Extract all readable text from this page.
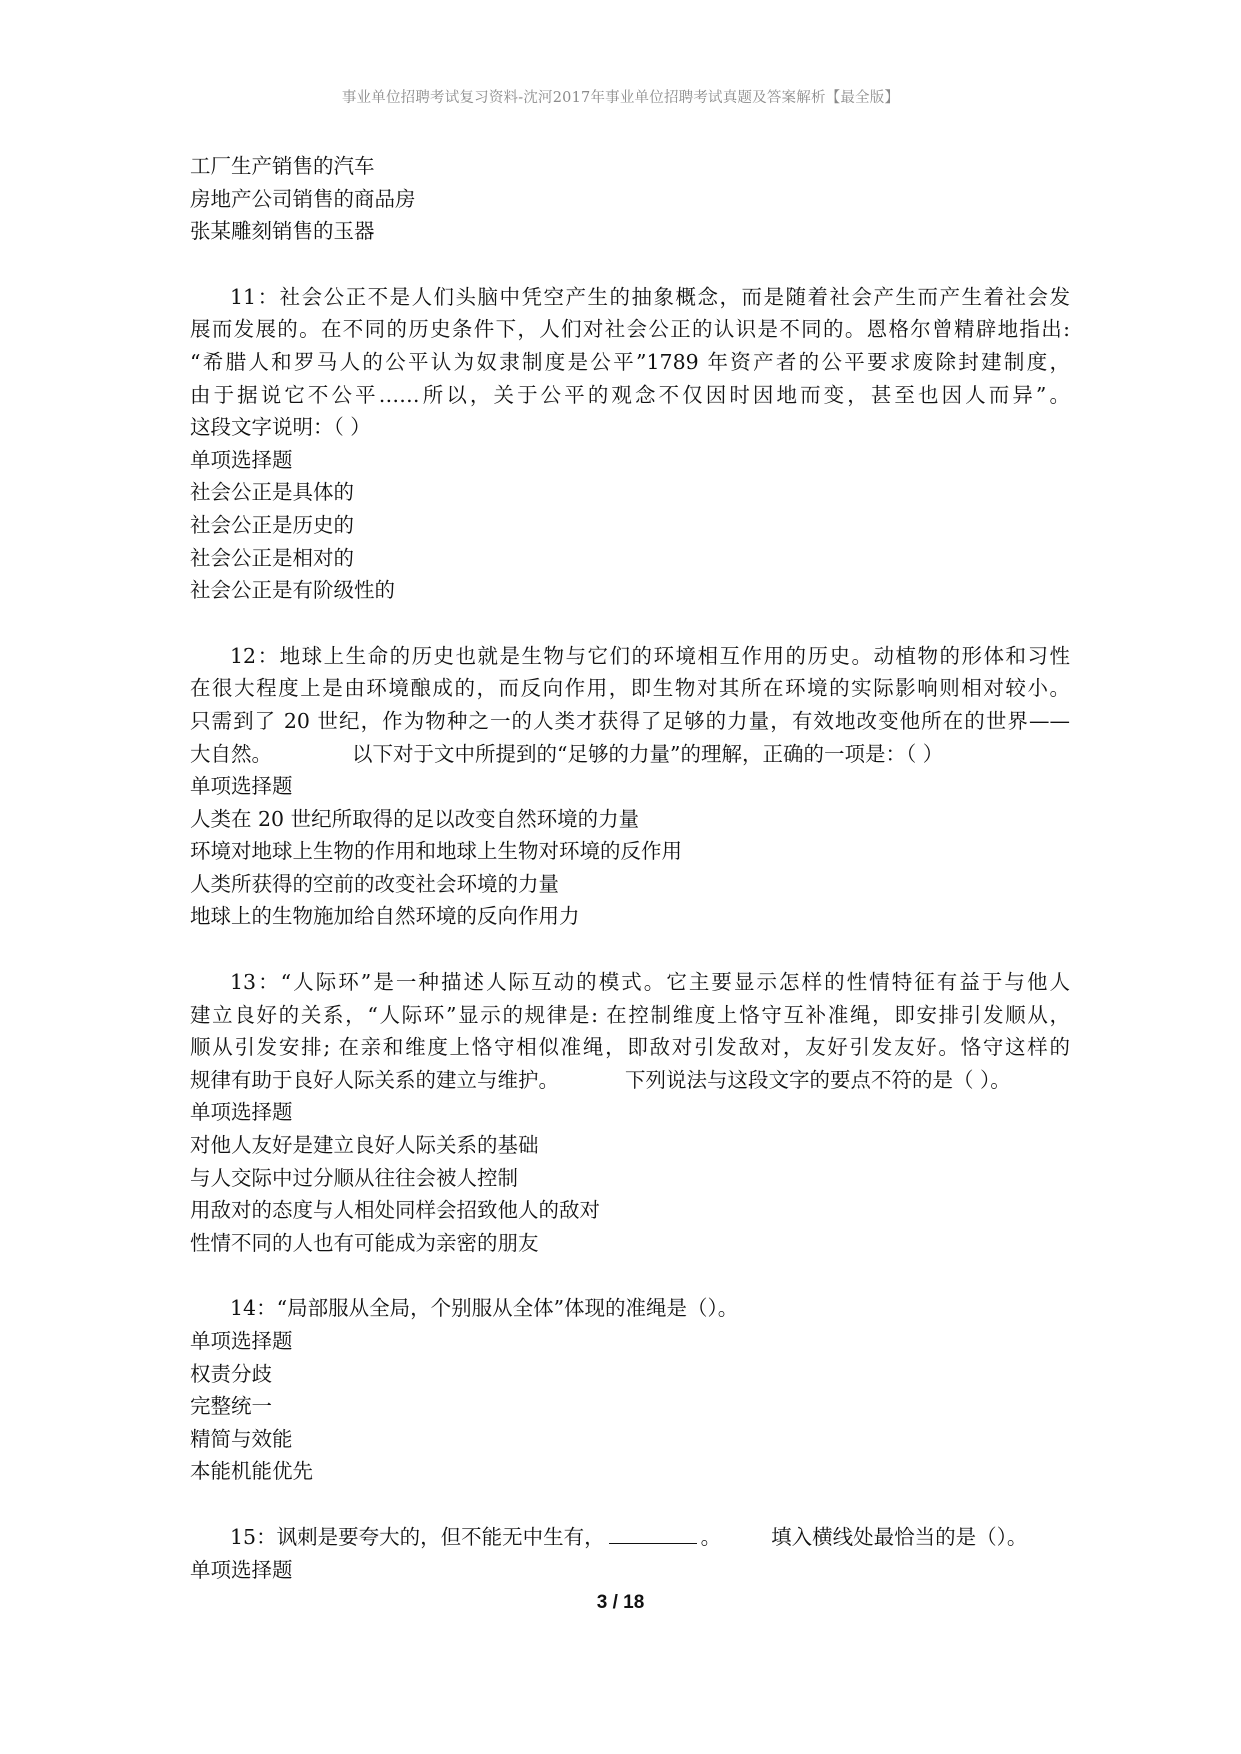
事业单位招聘考试复习资料-沈河2017年事业单位招聘考试真题及答案解析【最全版】

工厂生产销售的汽车

房地产公司销售的商品房

张某雕刻销售的玉器

11：社会公正不是人们头脑中凭空产生的抽象概念，而是随着社会产生而产生着社会发

展而发展的。在不同的历史条件下，人们对社会公正的认识是不同的。恩格尔曾精辟地指出:

“希腊人和罗马人的公平认为奴隶制度是公平”1789 年资产者的公平要求废除封建制度，

由于据说它不公平……所以，关于公平的观念不仅因时因地而变，甚至也因人而异”。

这段文字说明：（ ）

单项选择题

社会公正是具体的

社会公正是历史的

社会公正是相对的

社会公正是有阶级性的

12：地球上生命的历史也就是生物与它们的环境相互作用的历史。动植物的形体和习性

在很大程度上是由环境酿成的，而反向作用，即生物对其所在环境的实际影响则相对较小。

只需到了 20 世纪，作为物种之一的人类才获得了足够的力量，有效地改变他所在的世界——

大自然。	以下对于文中所提到的“足够的力量”的理解，正确的一项是：（ ）

单项选择题

人类在 20 世纪所取得的足以改变自然环境的力量

环境对地球上生物的作用和地球上生物对环境的反作用

人类所获得的空前的改变社会环境的力量

地球上的生物施加给自然环境的反向作用力

13：“人际环”是一种描述人际互动的模式。它主要显示怎样的性情特征有益于与他人

建立良好的关系，“人际环”显示的规律是: 在控制维度上恪守互补准绳，即安排引发顺从，

顺从引发安排; 在亲和维度上恪守相似准绳，即敌对引发敌对，友好引发友好。恪守这样的

规律有助于良好人际关系的建立与维护。	下列说法与这段文字的要点不符的是（ ）。

单项选择题

对他人友好是建立良好人际关系的基础

与人交际中过分顺从往往会被人控制

用敌对的态度与人相处同样会招致他人的敌对

性情不同的人也有可能成为亲密的朋友

14：“局部服从全局，个别服从全体”体现的准绳是（）。

单项选择题

权责分歧

完整统一

精简与效能

本能机能优先

15：讽刺是要夸大的，但不能无中生有，	。 填入横线处最恰当的是（）。

单项选择题

3 / 18
